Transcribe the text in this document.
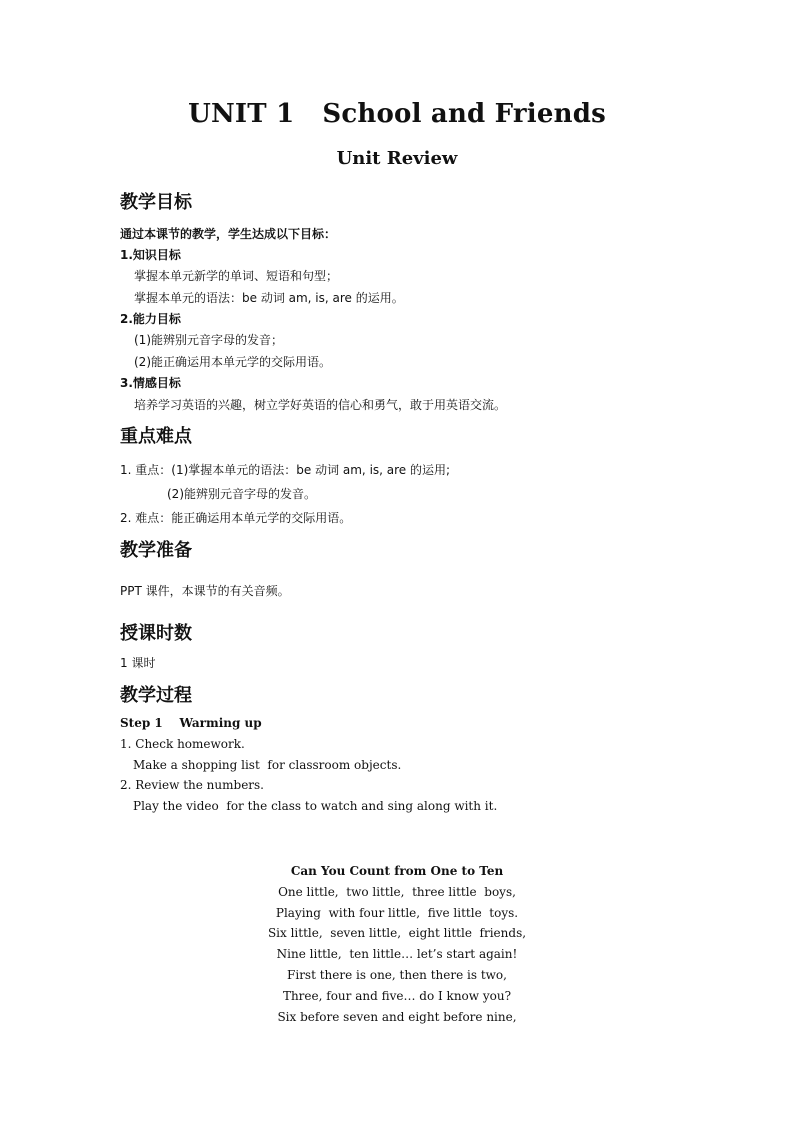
UNIT 1 School and Friends
Unit Review
教学目标
通过本课节的教学，学生达成以下目标：
1.知识目标
掌握本单元新学的单词、短语和句型；
掌握本单元的语法：be 动词 am, is, are 的运用。
2.能力目标
(1)能辨别元音字母的发音；
(2)能正确运用本单元学的交际用语。
3.情感目标
培养学习英语的兴趣，树立学好英语的信心和勇气，敢于用英语交流。
重点难点
1. 重点：(1)掌握本单元的语法：be 动词 am, is, are 的运用;
(2)能辨别元音字母的发音。
2. 难点：能正确运用本单元学的交际用语。
教学准备
PPT 课件，本课节的有关音频。
授课时数
1 课时
教学过程
Step 1    Warming up
1. Check homework.
Make a shopping list  for classroom objects.
2. Review the numbers.
Play the video  for the class to watch and sing along with it.
Can You Count from One to Ten
One little,  two little,  three little  boys,
Playing  with four little,  five little  toys.
Six little,  seven little,  eight little  friends,
Nine little,  ten little… let’s start again!
First there is one, then there is two,
Three, four and five… do I know you?
Six before seven and eight before nine,
